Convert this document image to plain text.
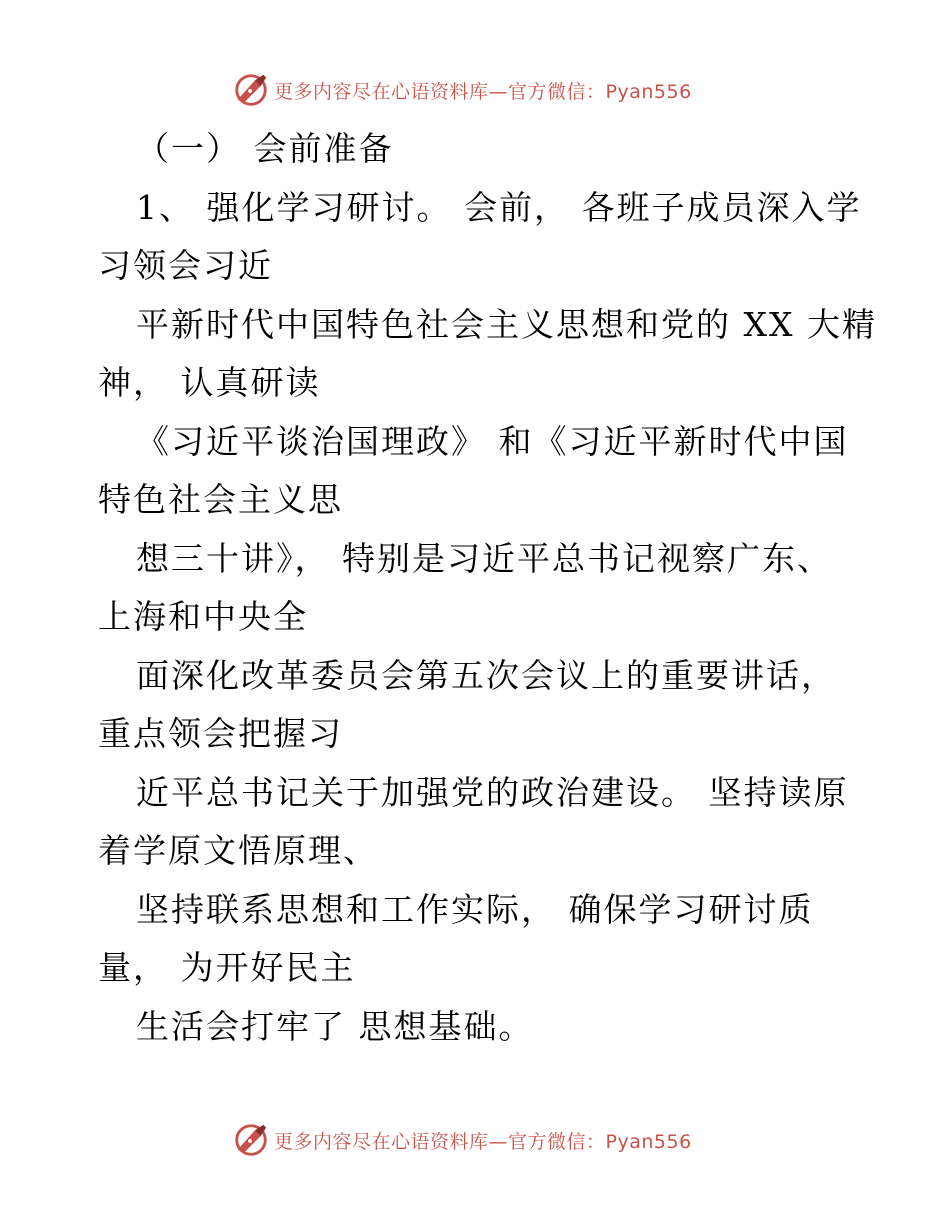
更多内容尽在心语资料库—官方微信：Pyan556
（一） 会前准备
1、 强化学习研讨。 会前， 各班子成员深入学
习领会习近
平新时代中国特色社会主义思想和党的 XX 大精
神， 认真研读
《习近平谈治国理政》 和《习近平新时代中国
特色社会主义思
想三十讲》， 特别是习近平总书记视察广东、
上海和中央全
面深化改革委员会第五次会议上的重要讲话，
重点领会把握习
近平总书记关于加强党的政治建设。 坚持读原
着学原文悟原理、
坚持联系思想和工作实际， 确保学习研讨质
量， 为开好民主
生活会打牢了 思想基础。
更多内容尽在心语资料库—官方微信：Pyan556
